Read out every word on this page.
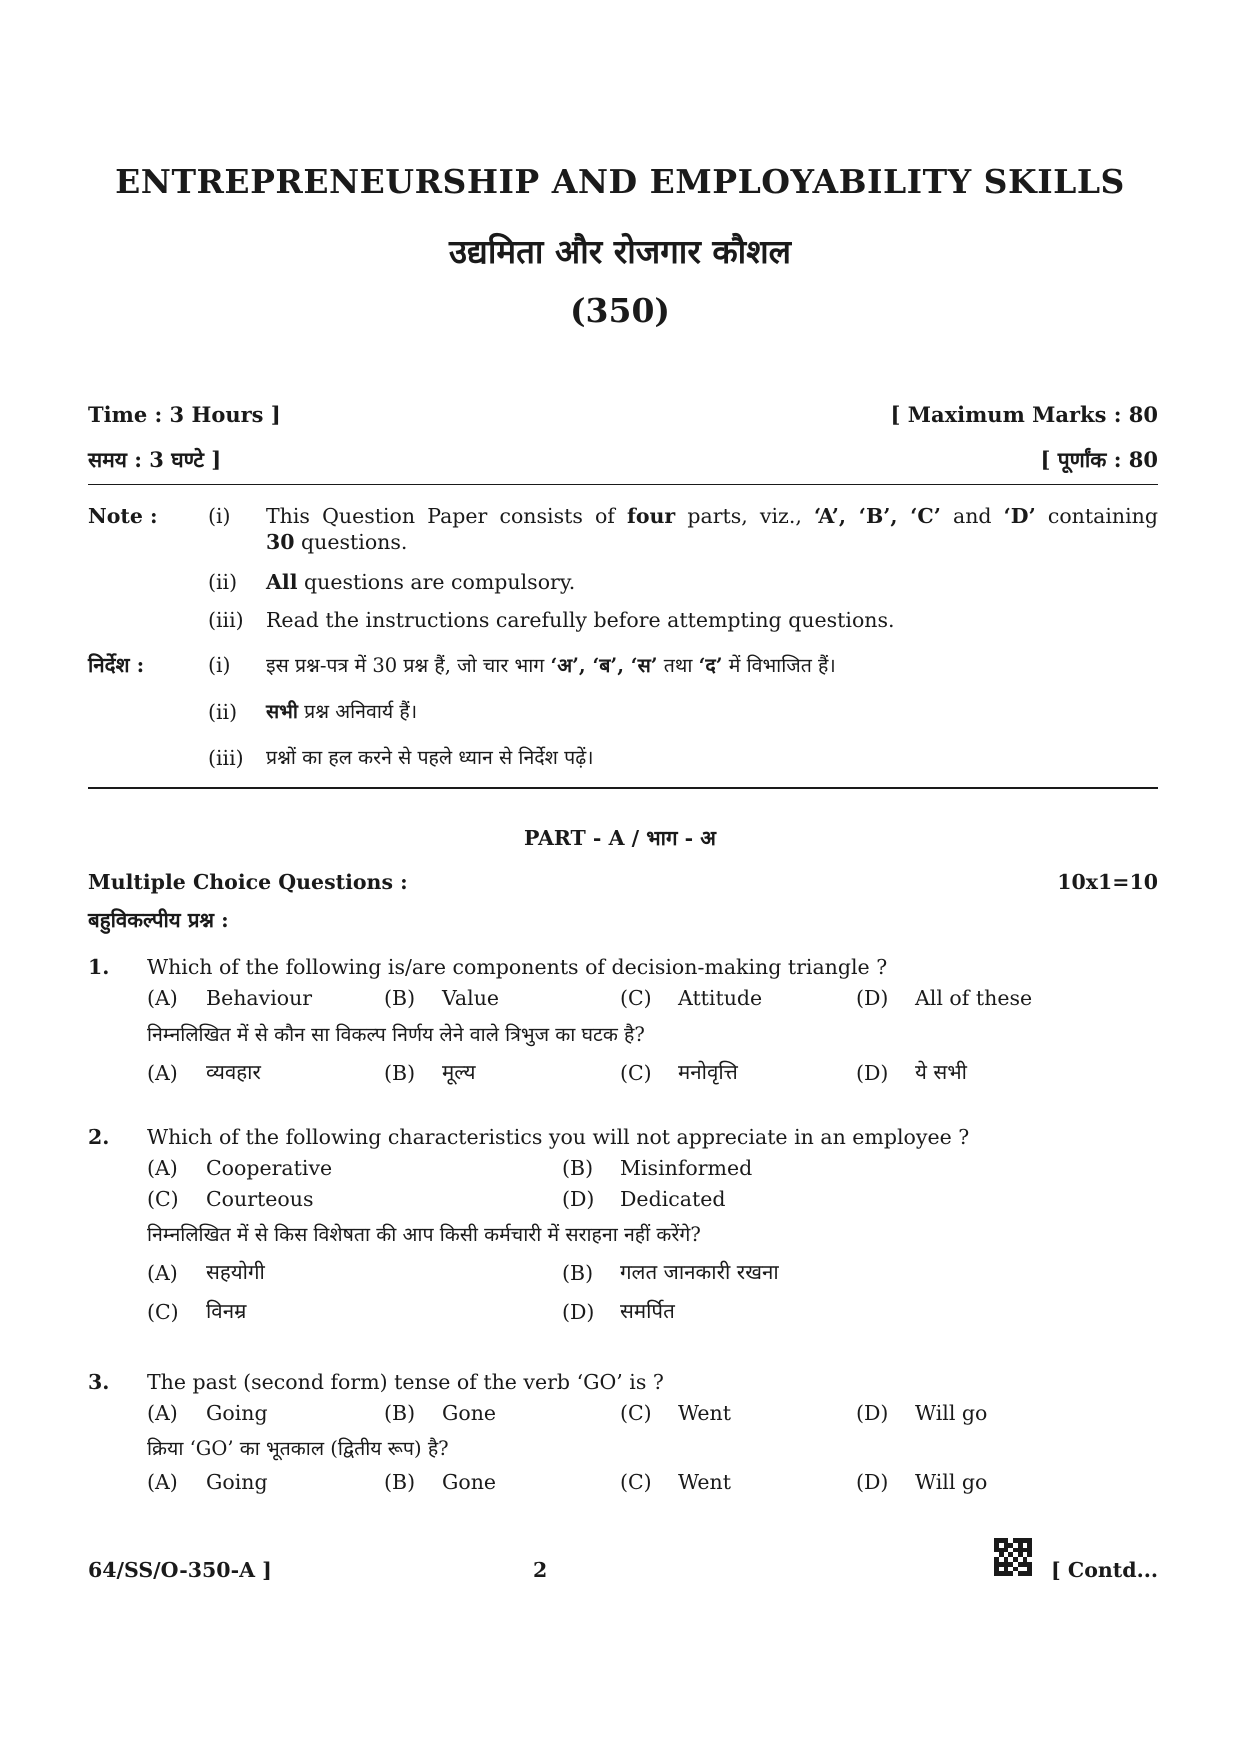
ENTREPRENEURSHIP AND EMPLOYABILITY SKILLS
उद्यमिता और रोजगार कौशल
(350)
Time : 3 Hours ]	[ Maximum Marks : 80
समय : 3 घण्टे ]	[ पूर्णांक : 80
Note : (i) This Question Paper consists of four parts, viz., ‘A’, ‘B’, ‘C’ and ‘D’ containing
30 questions.
(ii) All questions are compulsory.
(iii) Read the instructions carefully before attempting questions.
निर्देश :	(i) इस प्रश्न-पत्र में 30 प्रश्न हैं, जो चार भाग ‘अ’, ‘ब’, ‘स’ तथा ‘द’ में विभाजित हैं।
(ii) सभी प्रश्न अनिवार्य हैं।
(iii) प्रश्नों का हल करने से पहले ध्यान से निर्देश पढ़ें।
PART - A / भाग - अ
Multiple Choice Questions :	10x1=10
बहुविकल्पीय प्रश्न :
1. Which of the following is/are components of decision-making triangle ?
(A) Behaviour	(B) Value	(C) Attitude	(D) All of these
निम्नलिखित में से कौन सा विकल्प निर्णय लेने वाले त्रिभुज का घटक है?
(A) व्यवहार	(B) मूल्य	(C) मनोवृत्ति	(D) ये सभी
2. Which of the following characteristics you will not appreciate in an employee ?
(A) Cooperative	(B) Misinformed
(C) Courteous	(D) Dedicated
निम्नलिखित में से किस विशेषता की आप किसी कर्मचारी में सराहना नहीं करेंगे?
(A) सहयोगी	(B) गलत जानकारी रखना
(C) विनम्र	(D) समर्पित
3. The past (second form) tense of the verb ‘GO’ is ?
(A) Going	(B) Gone	(C) Went	(D) Will go
क्रिया ‘GO’ का भूतकाल (द्वितीय रूप) है?
(A) Going	(B) Gone	(C) Went	(D) Will go
64/SS/O-350-A ]	2	[ Contd...
